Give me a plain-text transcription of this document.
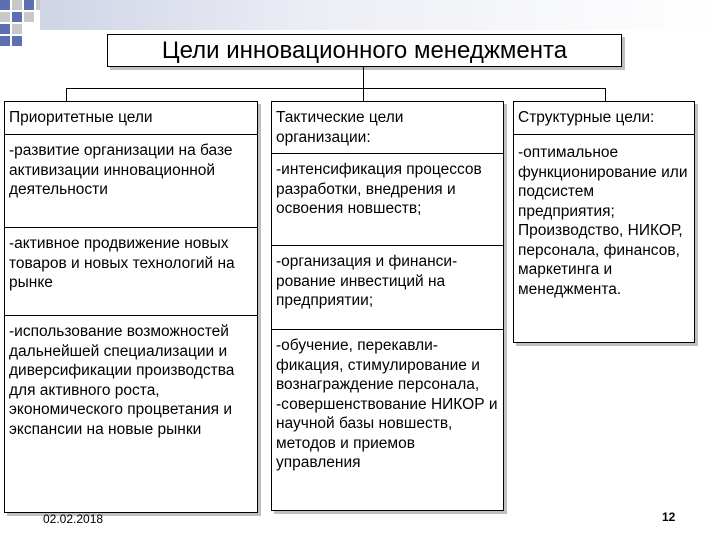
Цели инновационного менеджмента
Приоритетные цели
-развитие организации на базе активизации инновационной деятельности
-активное продвижение новых товаров и новых технологий на рынке
-использование возможностей дальнейшей специализации и диверсификации производства для активного роста, экономического процветания и экспансии на новые рынки
Тактические цели организации:
-интенсификация процессов разработки, внедрения и освоения новшеств;
-организация и финанси-рование инвестиций на предприятии;
-обучение, перекавли-фикация, стимулирование и вознаграждение персонала, -совершенствование НИКОР и научной базы новшеств, методов и приемов управления
Структурные цели:
-оптимальное функционирование или подсистем предприятия; Производство, НИКОР, персонала, финансов, маркетинга и менеджмента.
02.02.2018	12
